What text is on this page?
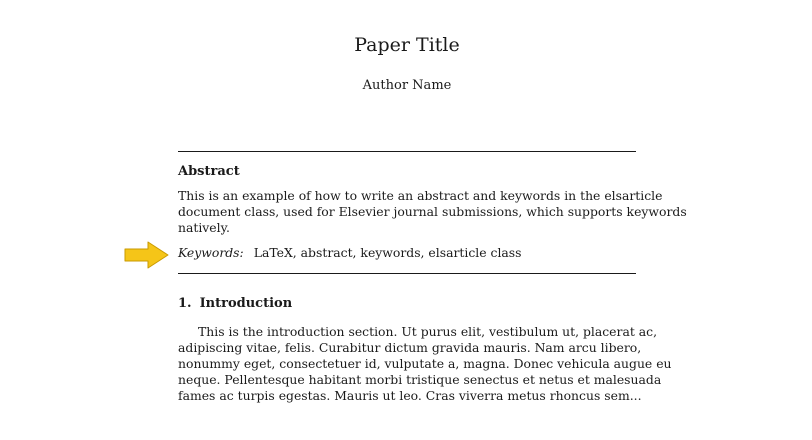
Paper Title
Author Name
Abstract
This is an example of how to write an abstract and keywords in the elsarticle
document class, used for Elsevier journal submissions, which supports keywords
natively.
Keywords: LaTeX, abstract, keywords, elsarticle class
1. Introduction
This is the introduction section. Ut purus elit, vestibulum ut, placerat ac,
adipiscing vitae, felis. Curabitur dictum gravida mauris. Nam arcu libero,
nonummy eget, consectetuer id, vulputate a, magna. Donec vehicula augue eu
neque. Pellentesque habitant morbi tristique senectus et netus et malesuada
fames ac turpis egestas. Mauris ut leo. Cras viverra metus rhoncus sem...
